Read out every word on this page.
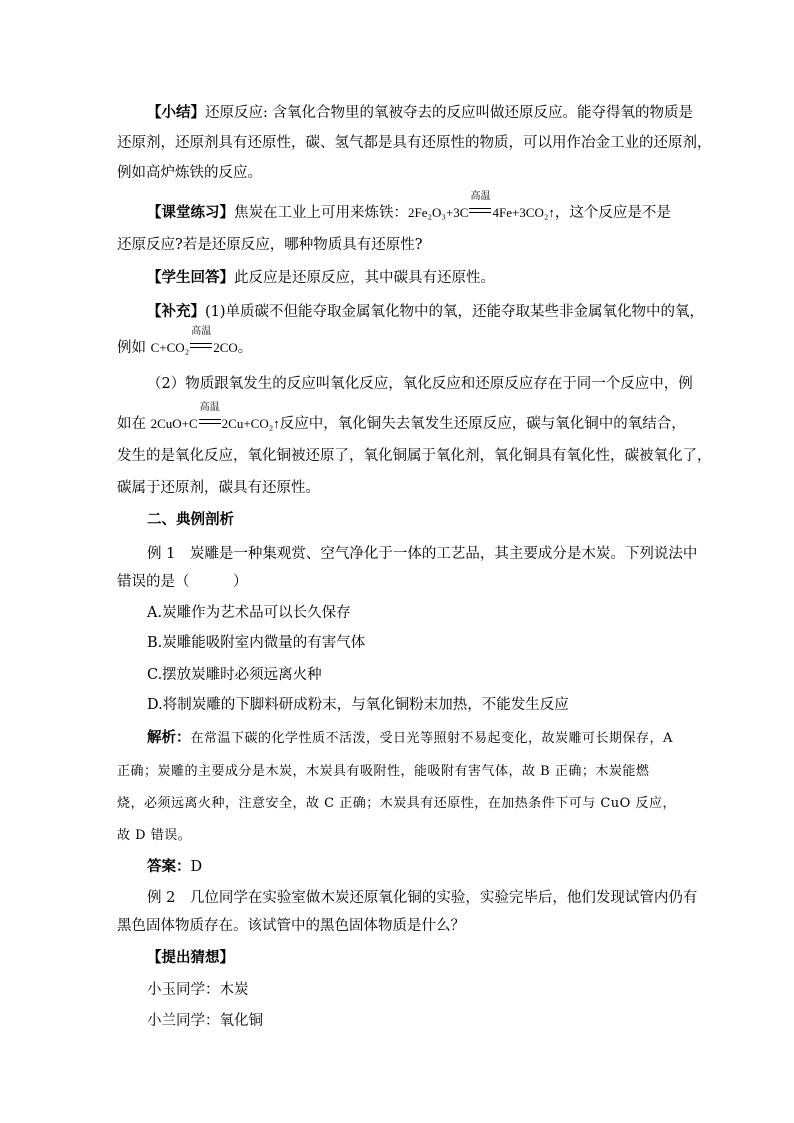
【小结】还原反应: 含氧化合物里的氧被夺去的反应叫做还原反应。能夺得氧的物质是
还原剂，还原剂具有还原性，碳、氢气都是具有还原性的物质，可以用作冶金工业的还原剂，
例如高炉炼铁的反应。
【课堂练习】焦炭在工业上可用来炼铁：2Fe₂O₃+3C
高温
4Fe+3CO₂↑，这个反应是不是
还原反应?若是还原反应，哪种物质具有还原性?
【学生回答】此反应是还原反应，其中碳具有还原性。
【补充】(1)单质碳不但能夺取金属氧化物中的氧，还能夺取某些非金属氧化物中的氧，
例如 C+CO₂
高温
2CO。
（2）物质跟氧发生的反应叫氧化反应，氧化反应和还原反应存在于同一个反应中，例
如在 2CuO+C
高温
2Cu+CO₂↑反应中，氧化铜失去氧发生还原反应，碳与氧化铜中的氧结合，
发生的是氧化反应，氧化铜被还原了，氧化铜属于氧化剂，氧化铜具有氧化性，碳被氧化了，
碳属于还原剂，碳具有还原性。
二、典例剖析
例 1　炭雕是一种集观赏、空气净化于一体的工艺品，其主要成分是木炭。下列说法中
错误的是（　　　）
A.炭雕作为艺术品可以长久保存
B.炭雕能吸附室内微量的有害气体
C.摆放炭雕时必须远离火种
D.将制炭雕的下脚料研成粉末，与氧化铜粉末加热，不能发生反应
解析：在常温下碳的化学性质不活泼，受日光等照射不易起变化，故炭雕可长期保存，A
正确；炭雕的主要成分是木炭，木炭具有吸附性，能吸附有害气体，故 B 正确；木炭能燃
烧，必须远离火种，注意安全，故 C 正确；木炭具有还原性，在加热条件下可与 CuO 反应，
故 D 错误。
答案：D
例 2　几位同学在实验室做木炭还原氧化铜的实验，实验完毕后，他们发现试管内仍有
黑色固体物质存在。该试管中的黑色固体物质是什么？
【提出猜想】
小玉同学：木炭
小兰同学：氧化铜
